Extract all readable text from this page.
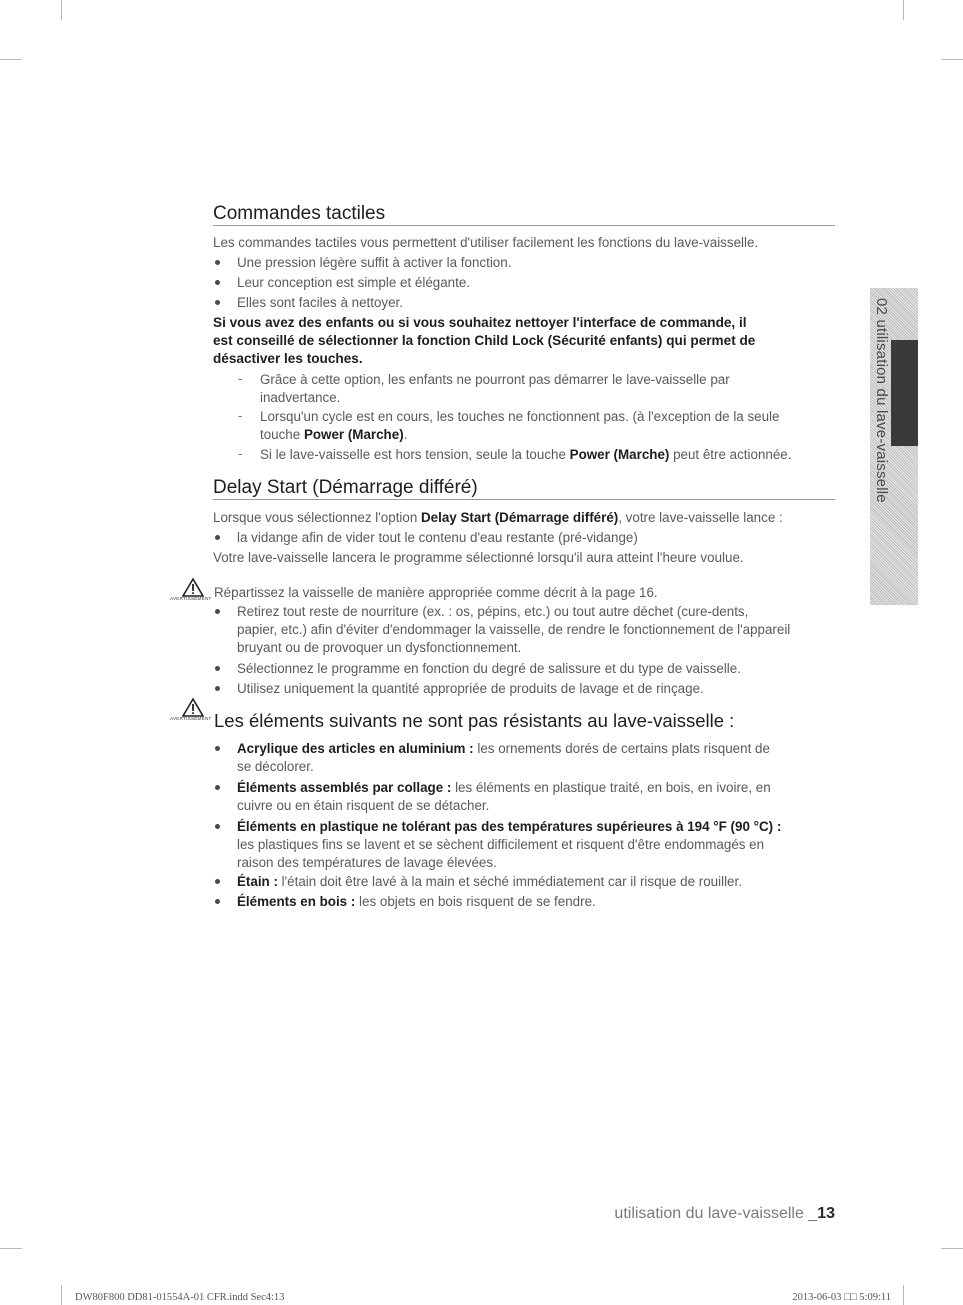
Commandes tactiles
Les commandes tactiles vous permettent d'utiliser facilement les fonctions du lave-vaisselle.
Une pression légère suffit à activer la fonction.
Leur conception est simple et élégante.
Elles sont faciles à nettoyer.
Si vous avez des enfants ou si vous souhaitez nettoyer l'interface de commande, il
est conseillé de sélectionner la fonction Child Lock (Sécurité enfants) qui permet de
désactiver les touches.
- Grâce à cette option, les enfants ne pourront pas démarrer le lave-vaisselle par
inadvertance.
- Lorsqu'un cycle est en cours, les touches ne fonctionnent pas. (à l'exception de la seule
touche Power (Marche).
- Si le lave-vaisselle est hors tension, seule la touche Power (Marche) peut être actionnée.
Delay Start (Démarrage différé)
Lorsque vous sélectionnez l'option Delay Start (Démarrage différé), votre lave-vaisselle lance :
la vidange afin de vider tout le contenu d'eau restante (pré-vidange)
Votre lave-vaisselle lancera le programme sélectionné lorsqu'il aura atteint l'heure voulue.
AVERTISSEMENT Répartissez la vaisselle de manière appropriée comme décrit à la page 16.
Retirez tout reste de nourriture (ex. : os, pépins, etc.) ou tout autre déchet (cure-dents,
papier, etc.) afin d'éviter d'endommager la vaisselle, de rendre le fonctionnement de l'appareil
bruyant ou de provoquer un dysfonctionnement.
Sélectionnez le programme en fonction du degré de salissure et du type de vaisselle.
Utilisez uniquement la quantité appropriée de produits de lavage et de rinçage.
AVERTISSEMENT Les éléments suivants ne sont pas résistants au lave-vaisselle :
Acrylique des articles en aluminium : les ornements dorés de certains plats risquent de
se décolorer.
Éléments assemblés par collage : les éléments en plastique traité, en bois, en ivoire, en
cuivre ou en étain risquent de se détacher.
Éléments en plastique ne tolérant pas des températures supérieures à 194 °F (90 °C) :
les plastiques fins se lavent et se sèchent difficilement et risquent d'être endommagés en
raison des températures de lavage élevées.
Étain : l'étain doit être lavé à la main et séché immédiatement car il risque de rouiller.
Éléments en bois : les objets en bois risquent de se fendre.
02 utilisation du lave-vaisselle
utilisation du lave-vaisselle _13
DW80F800 DD81-01554A-01 CFR.indd Sec4:13	2013-06-03 □□ 5:09:11
